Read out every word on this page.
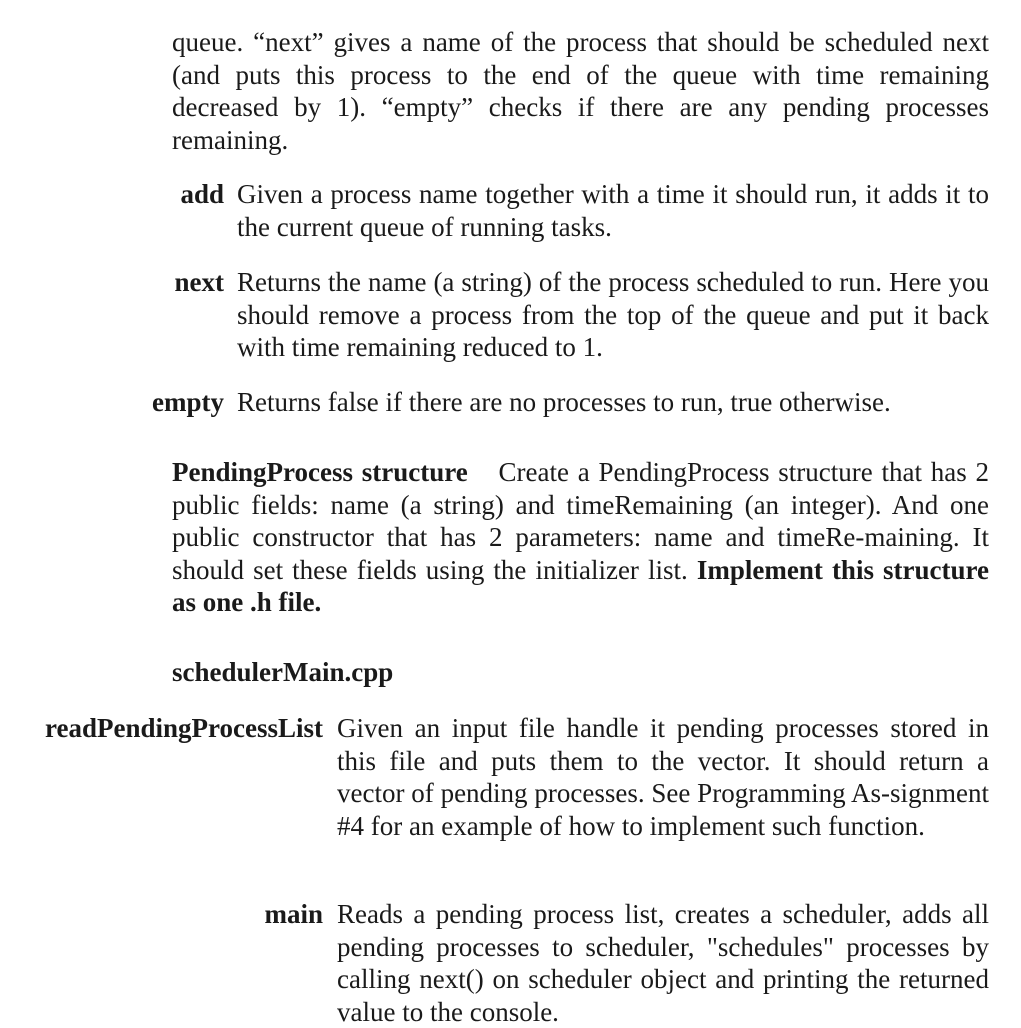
queue. “next” gives a name of the process that should be scheduled next (and puts this process to the end of the queue with time remaining decreased by 1). “empty” checks if there are any pending processes remaining.

add Given a process name together with a time it should run, it adds it to the current queue of running tasks.

next Returns the name (a string) of the process scheduled to run. Here you should remove a process from the top of the queue and put it back with time remaining reduced to 1.

empty Returns false if there are no processes to run, true otherwise.

PendingProcess structure Create a PendingProcess structure that has 2 public fields: name (a string) and timeRemaining (an integer). And one public constructor that has 2 parameters: name and timeRe-maining. It should set these fields using the initializer list. Implement this structure as one .h file.

schedulerMain.cpp

readPendingProcessList Given an input file handle it pending processes stored in this file and puts them to the vector. It should return a vector of pending processes. See Programming As-signment #4 for an example of how to implement such function.

main Reads a pending process list, creates a scheduler, adds all pending processes to scheduler, "schedules" processes by calling next() on scheduler object and printing the returned value to the console.
